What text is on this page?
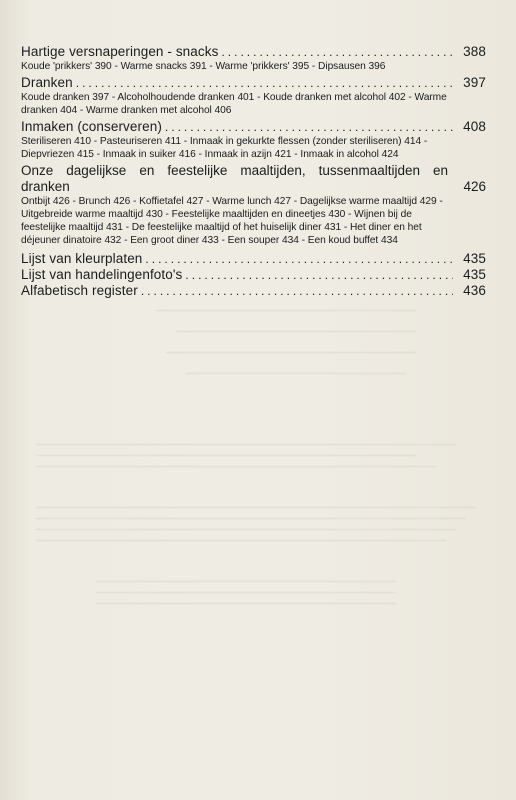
Hartige versnaperingen - snacks .....	388
Koude 'prikkers' 390 - Warme snacks 391 - Warme 'prikkers' 395 - Dipsausen 396
Dranken .....	397
Koude dranken 397 - Alcoholhoudende dranken 401 - Koude dranken met alcohol 402 - Warme dranken 404 - Warme dranken met alcohol 406
Inmaken (conserveren) .....	408
Steriliseren 410 - Pasteuriseren 411 - Inmaak in gekurkte flessen (zonder steriliseren) 414 - Diepvriezen 415 - Inmaak in suiker 416 - Inmaak in azijn 421 - Inmaak in alcohol 424
Onze dagelijkse en feestelijke maaltijden, tussenmaaltijden en
dranken	426
Ontbijt 426 - Brunch 426 - Koffietafel 427 - Warme lunch 427 - Dagelijkse warme maaltijd 429 - Uitgebreide warme maaltijd 430 - Feestelijke maaltijden en dineetjes 430 - Wijnen bij de feestelijke maaltijd 431 - De feestelijke maaltijd of het huiselijk diner 431 - Het diner en het déjeuner dinatoire 432 - Een groot diner 433 - Een souper 434 - Een koud buffet 434
Lijst van kleurplaten .....	435
Lijst van handelingenfoto's .....	435
Alfabetisch register .....	436
